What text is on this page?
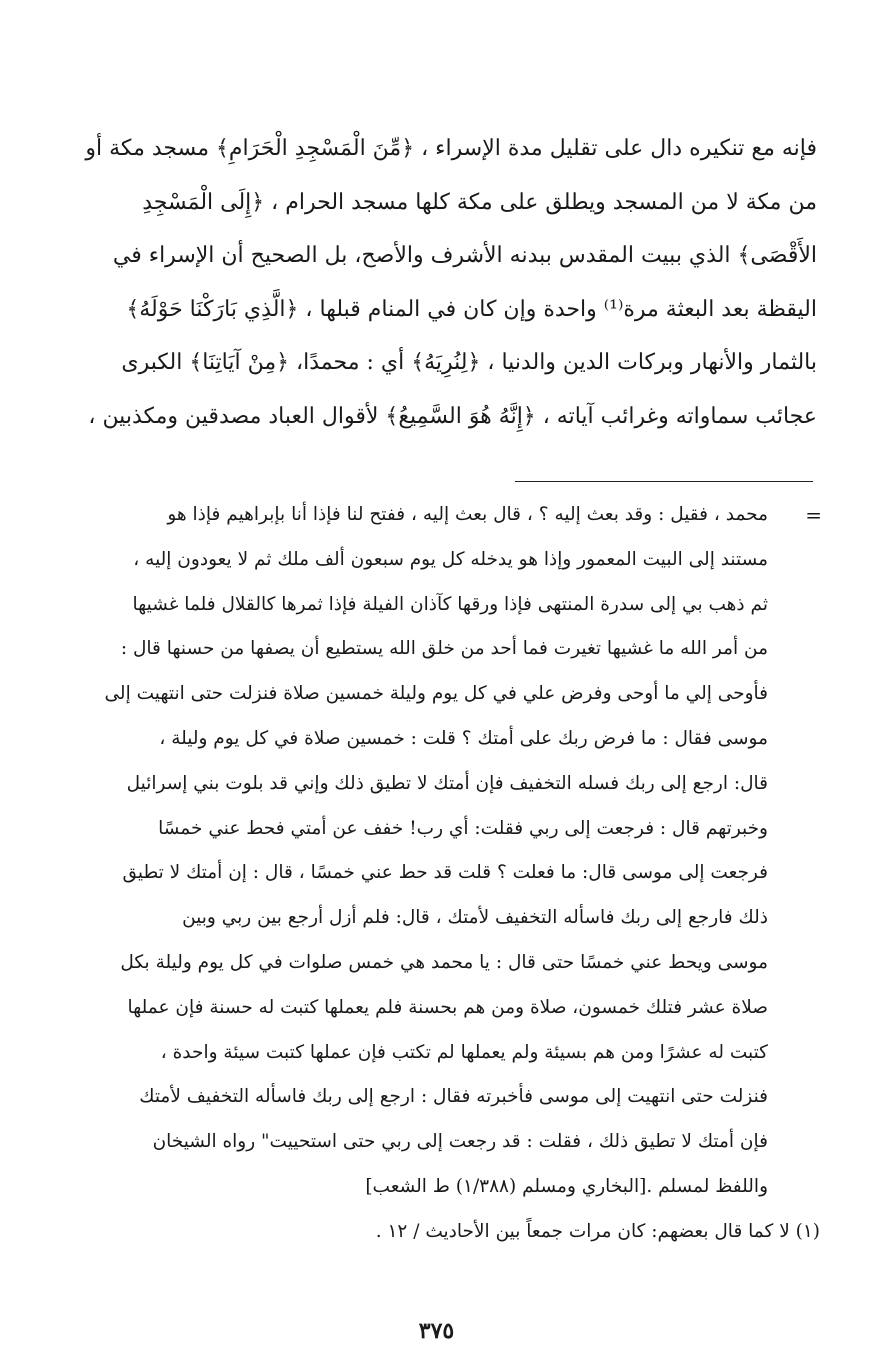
فإنه مع تنكيره دال على تقليل مدة الإسراء ، ﴿مِّنَ الْمَسْجِدِ الْحَرَامِ﴾ مسجد مكة أو
من مكة لا من المسجد ويطلق على مكة كلها مسجد الحرام ، ﴿إِلَى الْمَسْجِدِ
الأَقْصَى﴾ الذي ببيت المقدس ببدنه الأشرف والأصح، بل الصحيح أن الإسراء في
اليقظة بعد البعثة مرة⁽¹⁾ واحدة وإن كان في المنام قبلها ، ﴿الَّذِي بَارَكْنَا حَوْلَهُ﴾
بالثمار والأنهار وبركات الدين والدنيا ، ﴿لِنُرِيَهُ﴾ أي : محمدًا، ﴿مِنْ آيَاتِنَا﴾ الكبرى
عجائب سماواته وغرائب آياته ، ﴿إِنَّهُ هُوَ السَّمِيعُ﴾ لأقوال العباد مصدقين ومكذبين ،
=
محمد ، فقيل : وقد بعث إليه ؟ ، قال بعث إليه ، ففتح لنا فإذا أنا بإبراهيم فإذا هو
مستند إلى البيت المعمور وإذا هو يدخله كل يوم سبعون ألف ملك ثم لا يعودون إليه ،
ثم ذهب بي إلى سدرة المنتهى فإذا ورقها كآذان الفيلة فإذا ثمرها كالقلال فلما غشيها
من أمر الله ما غشيها تغيرت فما أحد من خلق الله يستطيع أن يصفها من حسنها قال :
فأوحى إلي ما أوحى وفرض علي في كل يوم وليلة خمسين صلاة فنزلت حتى انتهيت إلى
موسى فقال : ما فرض ربك على أمتك ؟ قلت : خمسين صلاة في كل يوم وليلة ،
قال: ارجع إلى ربك فسله التخفيف فإن أمتك لا تطيق ذلك وإني قد بلوت بني إسرائيل
وخبرتهم قال : فرجعت إلى ربي فقلت: أي رب! خفف عن أمتي فحط عني خمسًا
فرجعت إلى موسى قال: ما فعلت ؟ قلت قد حط عني خمسًا ، قال : إن أمتك لا تطيق
ذلك فارجع إلى ربك فاسأله التخفيف لأمتك ، قال: فلم أزل أرجع بين ربي وبين
موسى ويحط عني خمسًا حتى قال : يا محمد هي خمس صلوات في كل يوم وليلة بكل
صلاة عشر فتلك خمسون، صلاة ومن هم بحسنة فلم يعملها كتبت له حسنة فإن عملها
كتبت له عشرًا ومن هم بسيئة ولم يعملها لم تكتب فإن عملها كتبت سيئة واحدة ،
فنزلت حتى انتهيت إلى موسى فأخبرته فقال : ارجع إلى ربك فاسأله التخفيف لأمتك
فإن أمتك لا تطيق ذلك ، فقلت : قد رجعت إلى ربي حتى استحييت" رواه الشيخان
واللفظ لمسلم .[البخاري ومسلم (١/٣٨٨) ط الشعب]
(١) لا كما قال بعضهم: كان مرات جمعاً بين الأحاديث / ١٢ .
٣٧٥
